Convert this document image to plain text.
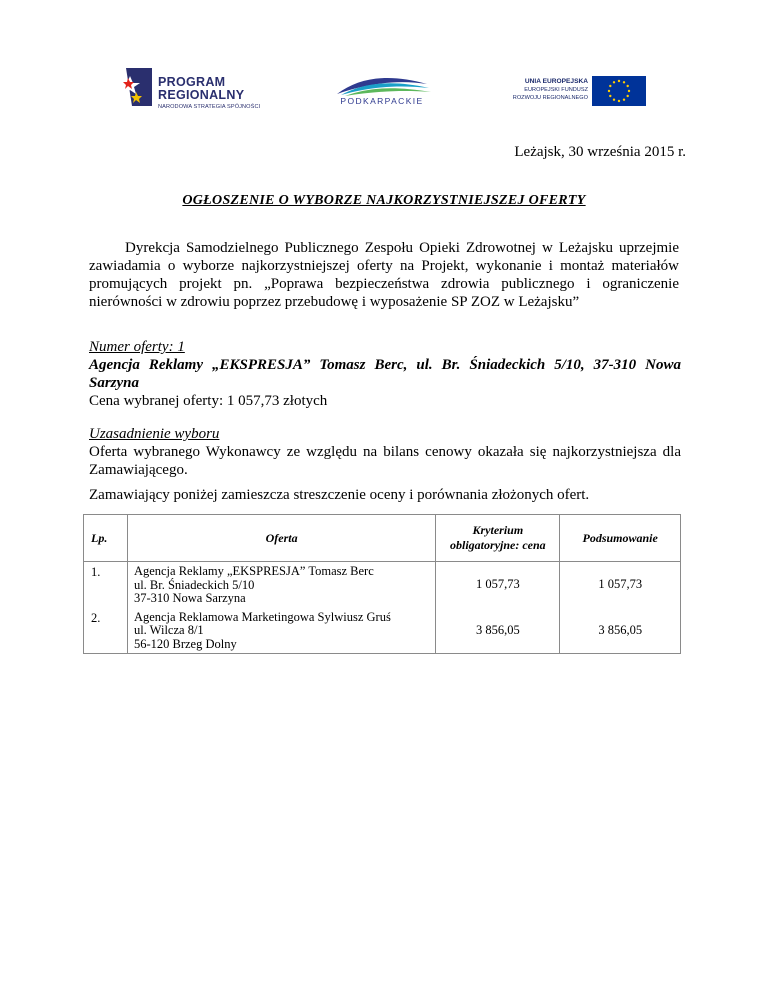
PROGRAM
REGIONALNY
NARODOWA STRATEGIA SPÓJNOŚCI
PODKARPACKIE
UNIA EUROPEJSKA
EUROPEJSKI FUNDUSZ
ROZWOJU REGIONALNEGO
Leżajsk, 30 września 2015 r.
OGŁOSZENIE O WYBORZE NAJKORZYSTNIEJSZEJ OFERTY
Dyrekcja Samodzielnego Publicznego Zespołu Opieki Zdrowotnej w Leżajsku uprzejmie zawiadamia o wyborze najkorzystniejszej oferty na Projekt, wykonanie i montaż materiałów promujących projekt pn. „Poprawa bezpieczeństwa zdrowia publicznego i ograniczenie nierówności w zdrowiu poprzez przebudowę i wyposażenie SP ZOZ w Leżajsku”
Numer oferty: 1
Agencja Reklamy „EKSPRESJA” Tomasz Berc, ul. Br. Śniadeckich 5/10, 37-310 Nowa Sarzyna
Cena wybranej oferty: 1 057,73 złotych
Uzasadnienie wyboru
Oferta wybranego Wykonawcy ze względu na bilans cenowy okazała się najkorzystniejsza dla Zamawiającego.
Zamawiający poniżej zamieszcza streszczenie oceny i porównania złożonych ofert.
Lp.	Oferta	Kryterium
obligatoryjne: cena	Podsumowanie
1.	Agencja Reklamy „EKSPRESJA” Tomasz Berc
ul. Br. Śniadeckich 5/10
37-310 Nowa Sarzyna	1 057,73	1 057,73
2.	Agencja Reklamowa Marketingowa Sylwiusz Gruś
ul. Wilcza 8/1
56-120 Brzeg Dolny	3 856,05	3 856,05
